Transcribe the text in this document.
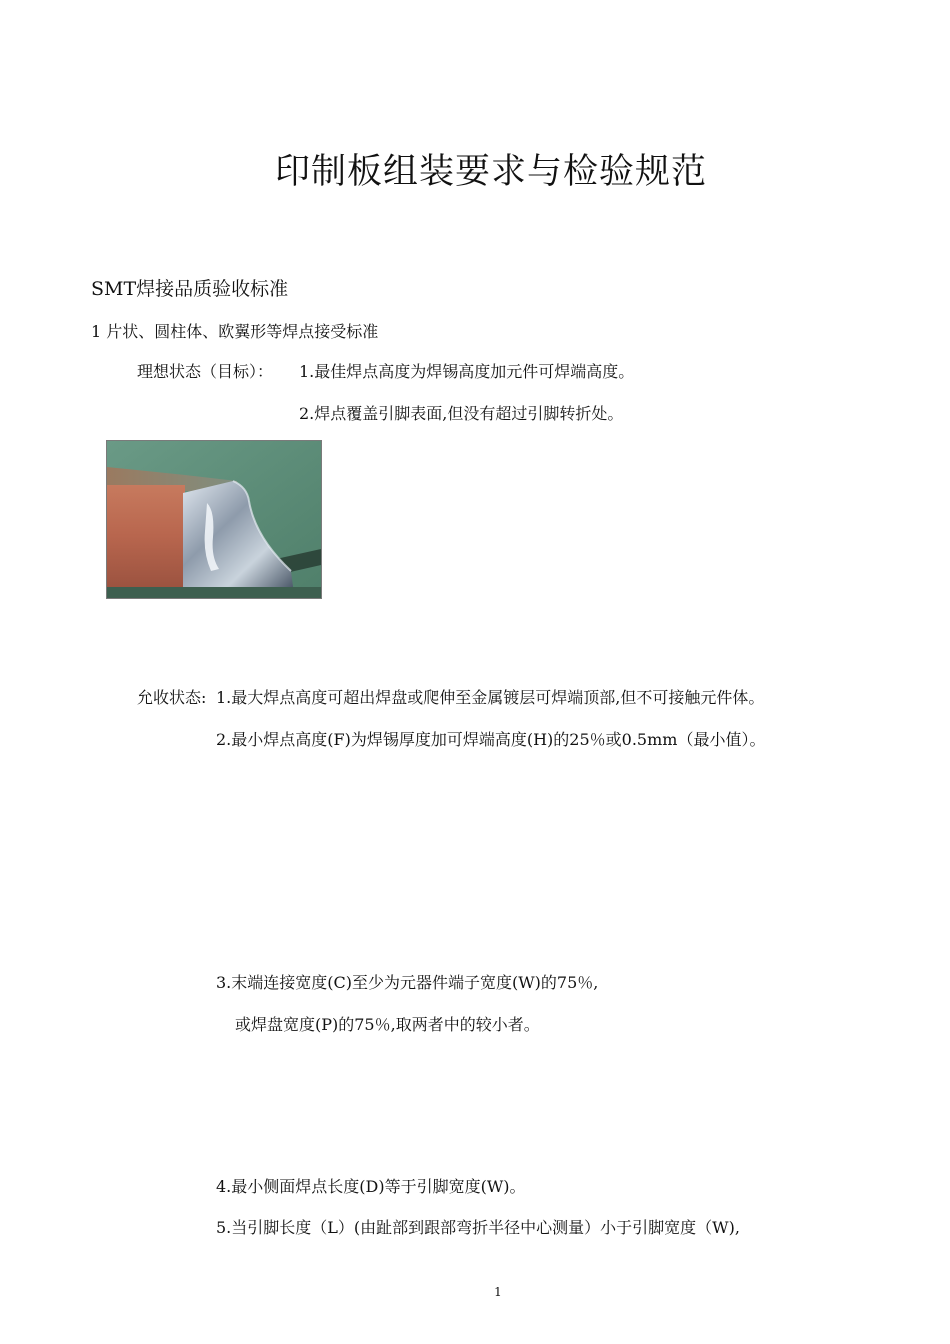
印制板组装要求与检验规范
SMT焊接品质验收标准
1 片状、圆柱体、欧翼形等焊点接受标准
理想状态（目标）： 1.最佳焊点高度为焊锡高度加元件可焊端高度。
2.焊点覆盖引脚表面,但没有超过引脚转折处。
允收状态: 1.最大焊点高度可超出焊盘或爬伸至金属镀层可焊端顶部,但不可接触元件体。
2.最小焊点高度(F)为焊锡厚度加可焊端高度(H)的25％或0.5mm（最小值）。
3.末端连接宽度(C)至少为元器件端子宽度(W)的75％,
或焊盘宽度(P)的75％,取两者中的较小者。
4.最小侧面焊点长度(D)等于引脚宽度(W)。
5.当引脚长度（L）(由趾部到跟部弯折半径中心测量）小于引脚宽度（W),
1
